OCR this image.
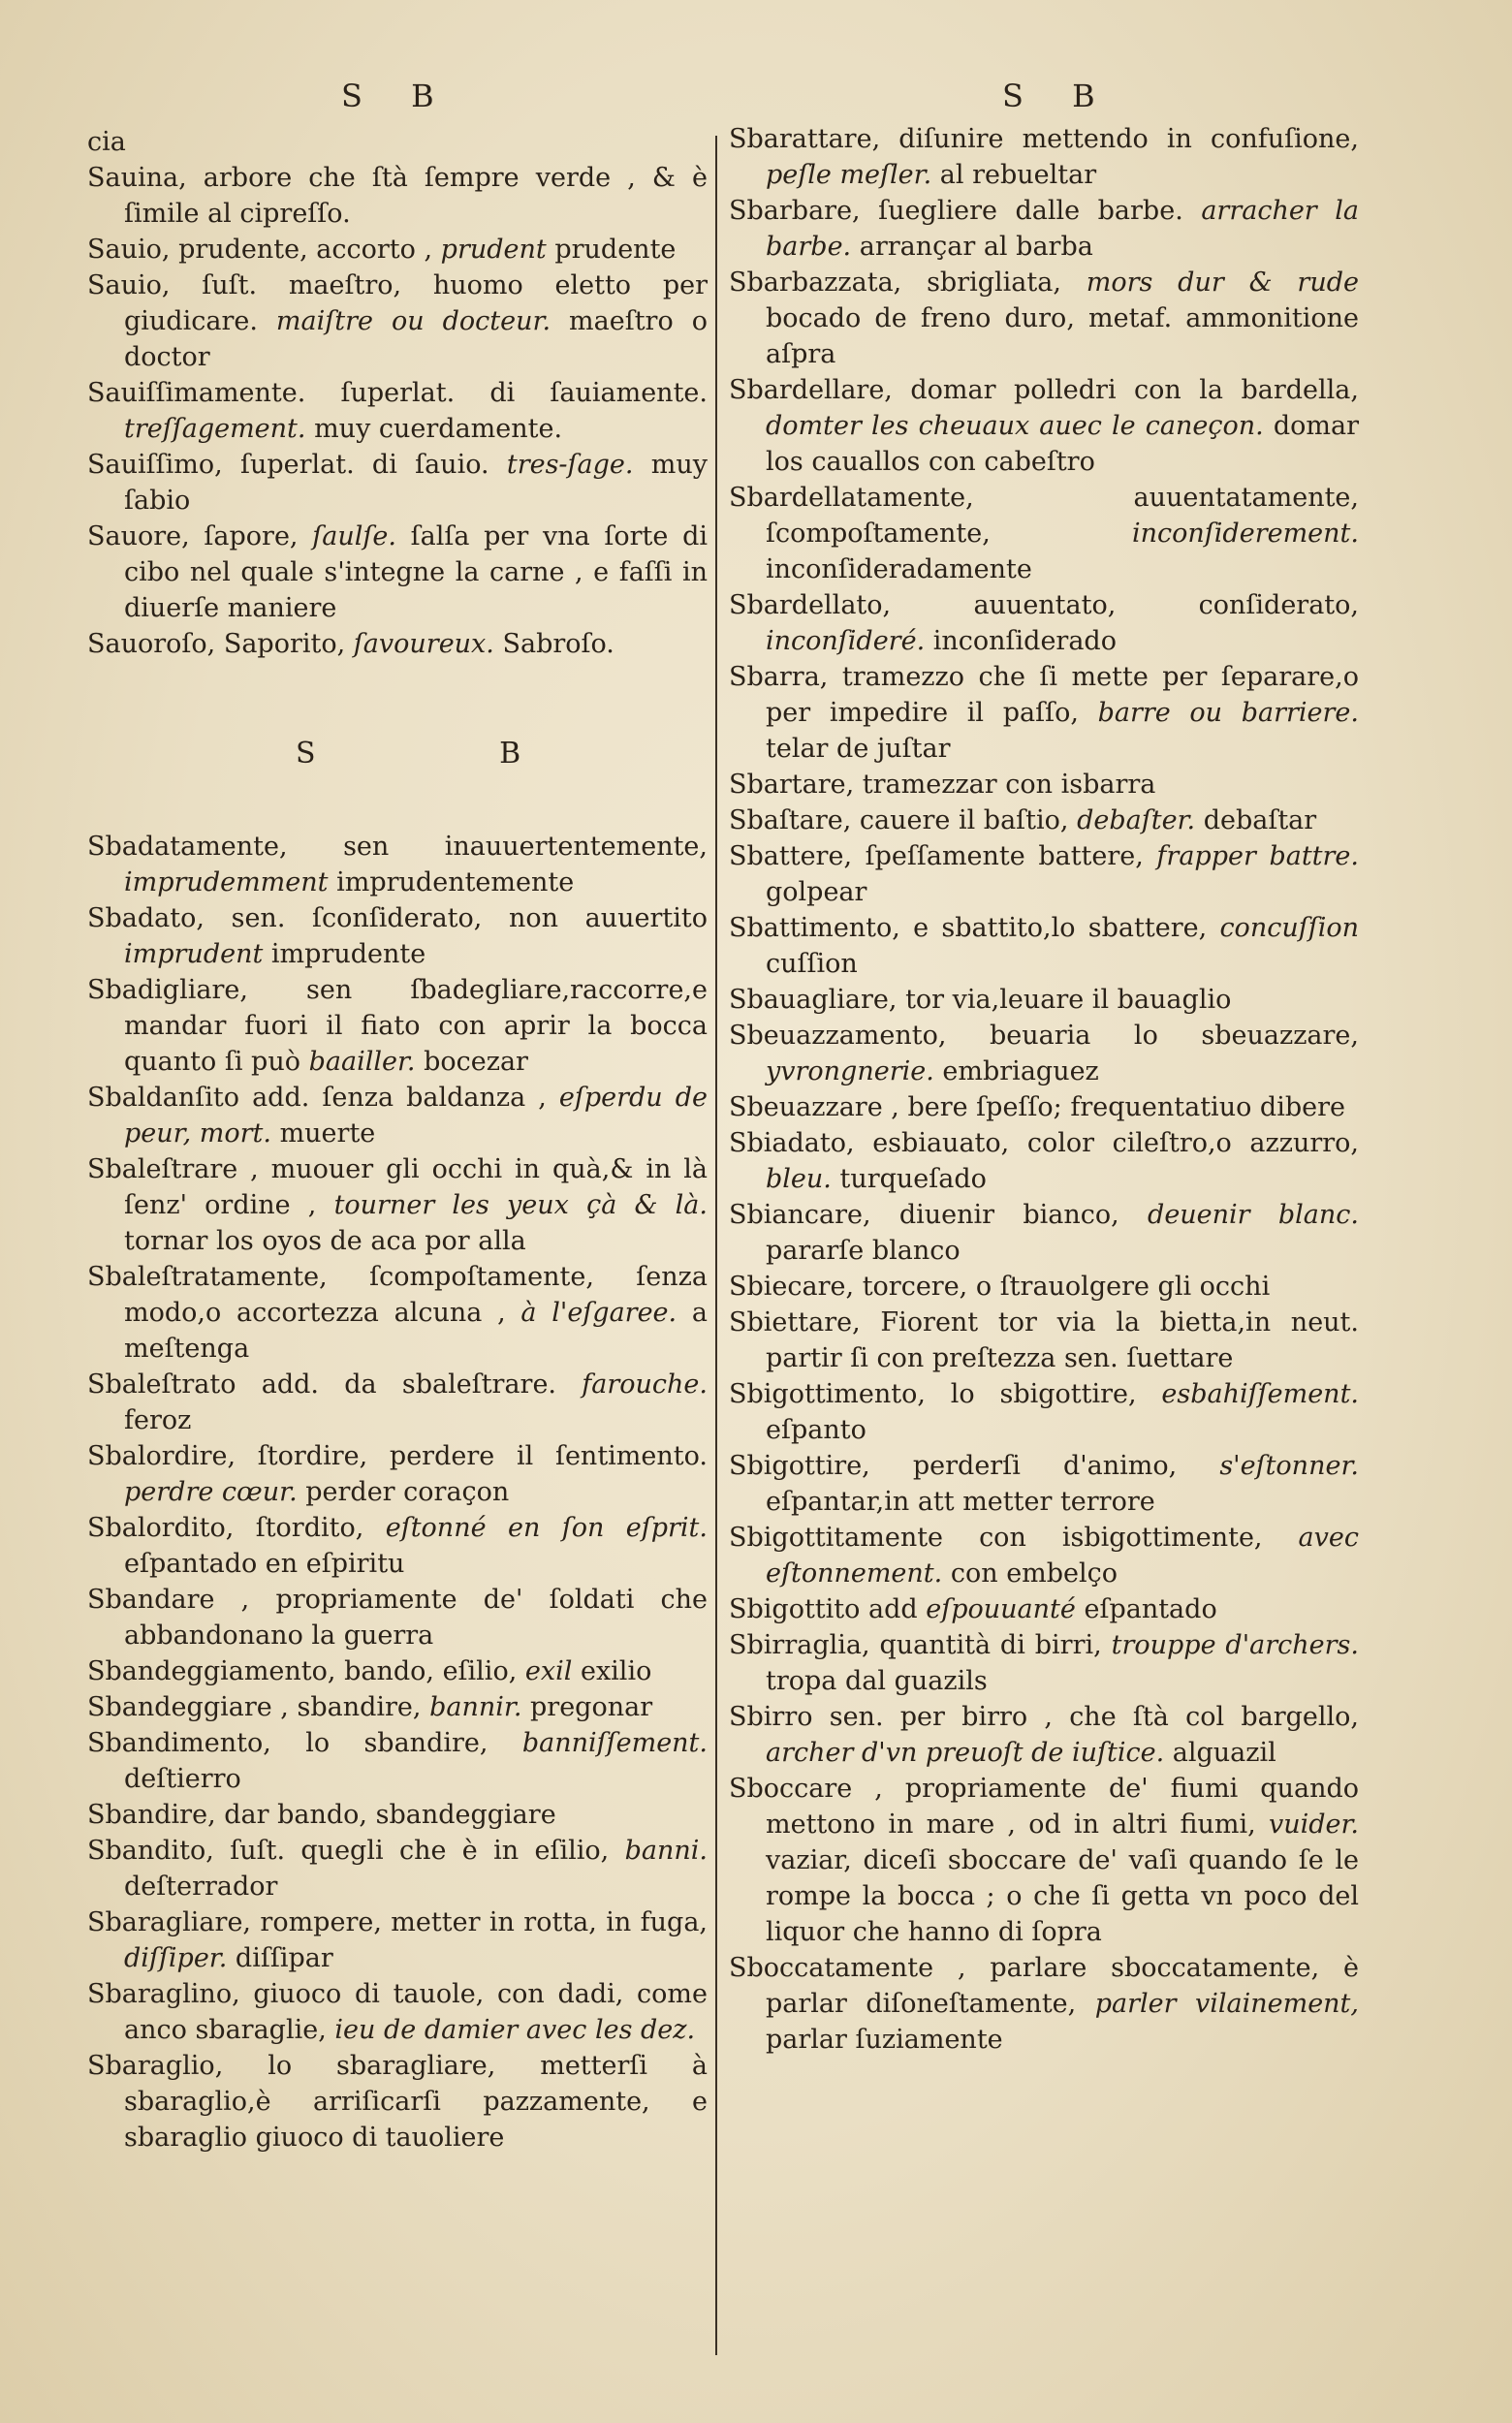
S B
cia
Sauina, arbore che ſtà ſempre verde , & è ſimile al cipreſſo.
Sauio, prudente, accorto , prudent prudente
Sauio, ſuſt. maeſtro, huomo eletto per giudicare. maiſtre ou docteur. maeſtro o doctor
Sauiſſimamente. ſuperlat. di ſauiamente. treſſagement. muy cuerdamente.
Sauiſſimo, ſuperlat. di ſauio. tres-ſage. muy ſabio
Sauore, ſapore, ſaulſe. ſalſa per vna ſorte di cibo nel quale s'integne la carne , e faſſi in diuerſe maniere
Sauoroſo, Saporito, ſavoureux. Sabroſo.
S B
Sbadatamente, sen inauuertentemente, imprudemment imprudentemente
Sbadato, sen. ſconſiderato, non auuertito imprudent imprudente
Sbadigliare, sen ſbadegliare,raccorre,e mandar fuori il fiato con aprir la bocca quanto ſi può baailler. bocezar
Sbaldanſito add. ſenza baldanza , eſperdu de peur, mort. muerte
Sbaleſtrare , muouer gli occhi in quà,& in là ſenz' ordine , tourner les yeux çà & là. tornar los oyos de aca por alla
Sbaleſtratamente, ſcompoſtamente, ſenza modo,o accortezza alcuna , à l'eſgaree. a meſtenga
Sbaleſtrato add. da sbaleſtrare. farouche. feroz
Sbalordire, ſtordire, perdere il ſentimento. perdre cœur. perder coraçon
Sbalordito, ſtordito, eſtonné en ſon eſprit. eſpantado en eſpiritu
Sbandare , propriamente de' ſoldati che abbandonano la guerra
Sbandeggiamento, bando, eſilio, exil exilio
Sbandeggiare , sbandire, bannir. pregonar
Sbandimento, lo sbandire, banniſſement. deſtierro
Sbandire, dar bando, sbandeggiare
Sbandito, ſuſt. quegli che è in eſilio, banni. deſterrador
Sbaragliare, rompere, metter in rotta, in fuga, diſſiper. diſſipar
Sbaraglino, giuoco di tauole, con dadi, come anco sbaraglie, ieu de damier avec les dez.
Sbaraglio, lo sbaragliare, metterſi à sbaraglio,è arriſicarſi pazzamente, e sbaraglio giuoco di tauoliere
S B
Sbarattare, diſunire mettendo in confuſione, peſle meſler. al rebueltar
Sbarbare, ſuegliere dalle barbe. arracher la barbe. arrançar al barba
Sbarbazzata, sbrigliata, mors dur & rude bocado de freno duro, metaf. ammonitione aſpra
Sbardellare, domar polledri con la bardella, domter les cheuaux auec le caneçon. domar los cauallos con cabeſtro
Sbardellatamente,	auuentatamente, ſcompoſtamente,	inconſiderement. inconſideradamente
Sbardellato,	auuentato, conſiderato, inconſideré. inconſiderado
Sbarra, tramezzo che ſi mette per ſeparare,o per impedire il paſſo, barre ou barriere. telar de juſtar
Sbartare, tramezzar con isbarra
Sbaſtare, cauere il baſtio, debaſter. debaſtar
Sbattere, ſpeſſamente battere, frapper battre. golpear
Sbattimento, e sbattito,lo sbattere, concuſſion cuſſion
Sbauagliare, tor via,leuare il bauaglio
Sbeuazzamento, beuaria lo sbeuazzare, yvrongnerie. embriaguez
Sbeuazzare , bere ſpeſſo; frequentatiuo dibere
Sbiadato, esbiauato, color cileſtro,o azzurro, bleu. turqueſado
Sbiancare, diuenir bianco, deuenir blanc. pararſe blanco
Sbiecare, torcere, o ſtrauolgere gli occhi
Sbiettare, Fiorent tor via la bietta,in neut. partir ſi con preſtezza sen. ſuettare
Sbigottimento, lo sbigottire, esbahiſſement. eſpanto
Sbigottire, perderſi d'animo, s'eſtonner. eſpantar,in att metter terrore
Sbigottitamente con isbigottimente, avec eſtonnement. con embelço
Sbigottito add eſpouuanté eſpantado
Sbirraglia, quantità di birri, trouppe d'archers. tropa dal guazils
Sbirro sen. per birro , che ſtà col bargello, archer d'vn preuoſt de iuſtice. alguazil
Sboccare , propriamente de' fiumi quando mettono in mare , od in altri fiumi, vuider. vaziar, diceſi sboccare de' vaſi quando ſe le rompe la bocca ; o che ſi getta vn poco del liquor che hanno di ſopra
Sboccatamente , parlare sboccatamente, è parlar diſoneſtamente, parler vilainement, parlar ſuziamente
